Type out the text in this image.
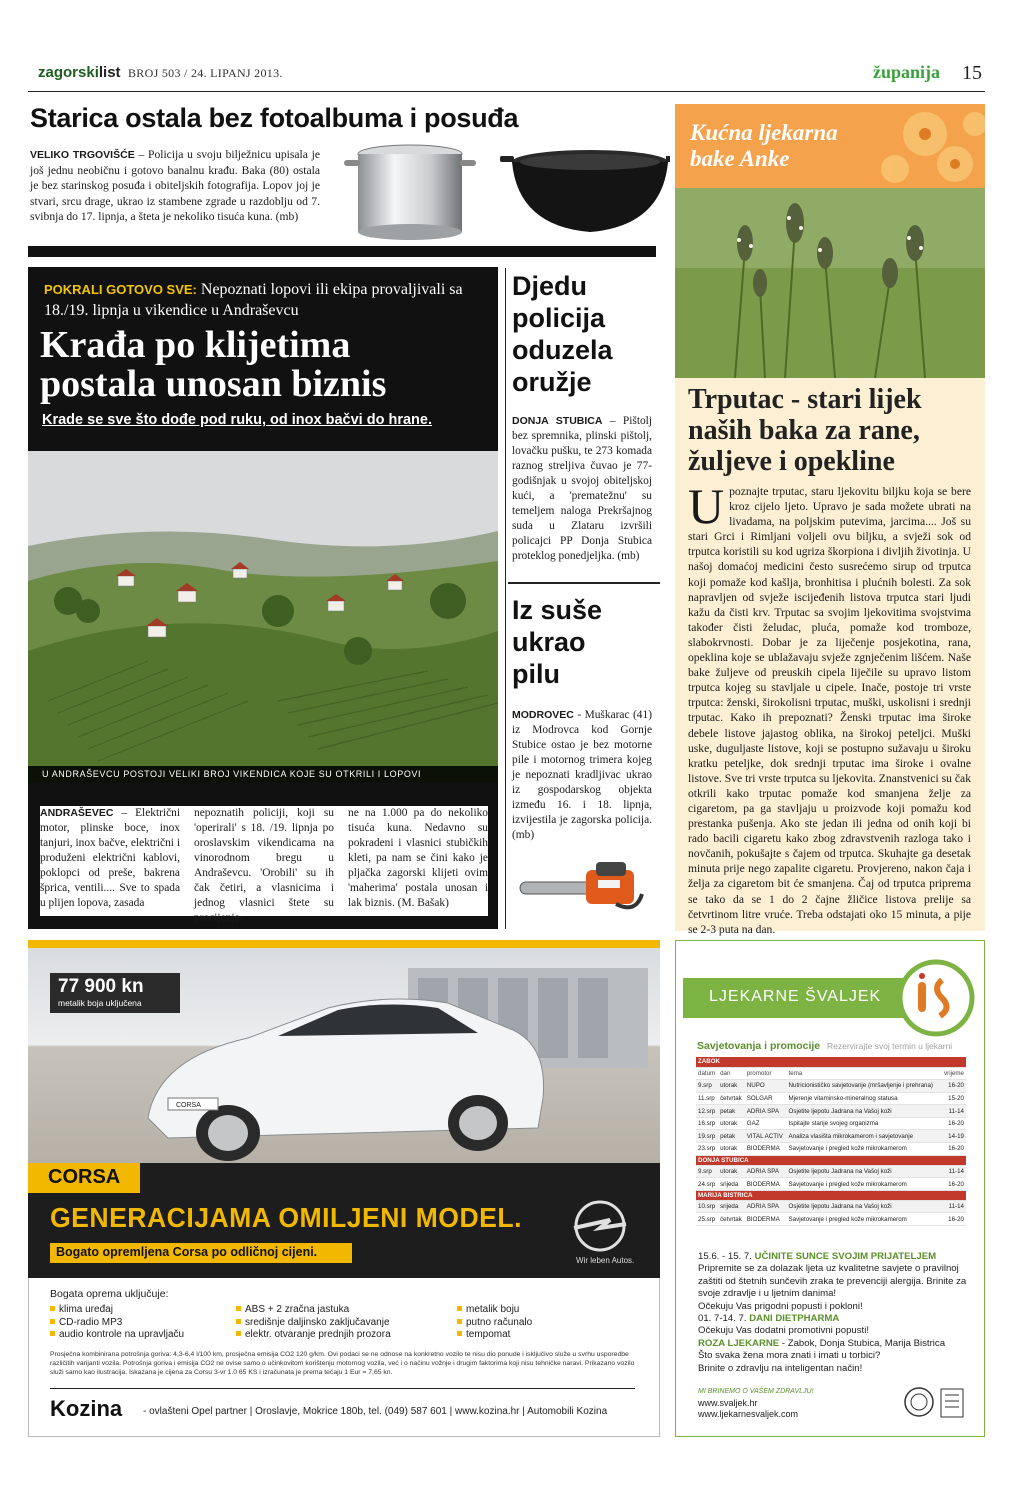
zagorskilist BROJ 503 / 24. LIPANJ 2013.	županija 15
Starica ostala bez fotoalbuma i posuđa
VELIKO TRGOVIŠĆE – Policija u svoju bilježnicu upisala je još jednu neobičnu i gotovo banalnu krađu. Baka (80) ostala je bez starinskog posuđa i obiteljskih fotografija. Lopov joj je stvari, srcu drage, ukrao iz stambene zgrade u razdoblju od 7. svibnja do 17. lipnja, a šteta je nekoliko tisuća kuna. (mb)
POKRALI GOTOVO SVE: Nepoznati lopovi ili ekipa provaljivali sa 18./19. lipnja u vikendice u Andraševcu
Krađa po klijetima
postala unosan biznis
Krade se sve što dođe pod ruku, od inox bačvi do hrane.
U ANDRAŠEVCU POSTOJI VELIKI BROJ VIKENDICA KOJE SU OTKRILI I LOPOVI
ANDRAŠEVEC – Električni motor, plinske boce, inox tanjuri, inox bačve, električni i produženi električni kablovi, poklopci od preše, bakrena šprica, ventili.... Sve to spada u plijen lopova, zasada
nepoznatih policiji, koji su 'operirali' s 18. /19. lipnja po oroslavskim vikendicama na vinorodnom bregu u Andraševcu. 'Orobili' su ih čak četiri, a vlasnicima i jednog vlasnici štete su procijenje-
ne na 1.000 pa do nekoliko tisuća kuna. Nedavno su pokradeni i vlasnici stubičkih kleti, pa nam se čini kako je pljačka zagorski klijeti ovim 'maherima' postala unosan i lak biznis. (M. Bašak)
Djedu
policija
oduzela
oružje
DONJA STUBICA – Pištolj bez spremnika, plinski pištolj, lovačku pušku, te 273 komada raznog streljiva čuvao je 77-godišnjak u svojoj obiteljskoj kući, a 'prematežnu' su temeljem naloga Prekršajnog suda u Zlataru izvršili policajci PP Donja Stubica proteklog ponedjeljka. (mb)
Iz suše
ukrao
pilu
MODROVEC - Muškarac (41) iz Modrovca kod Gornje Stubice ostao je bez motorne pile i motornog trimera kojeg je nepoznati kradljivac ukrao iz gospodarskog objekta između 16. i 18. lipnja, izvijestila je zagorska policija. (mb)
Kućna ljekarna
bake Anke
Trputac - stari lijek naših baka za rane, žuljeve i opekline
Upoznajte trputac, staru ljekovitu biljku koja se bere kroz cijelo ljeto. Upravo je sada možete ubrati na livadama, na poljskim putevima, jarcima.... Još su stari Grci i Rimljani voljeli ovu biljku, a svježi sok od trputca koristili su kod ugriza škorpiona i divljih životinja. U našoj domaćoj medicini često susrećemo sirup od trputca koji pomaže kod kašlja, bronhitisa i plućnih bolesti. Za sok napravljen od svježe iscijeđenih listova trputca stari ljudi kažu da čisti krv. Trputac sa svojim ljekovitima svojstvima također čisti želudac, pluća, pomaže kod tromboze, slabokrvnosti. Dobar je za liječenje posjekotina, rana, opeklina koje se ublažavaju svježe zgnječenim lišćem. Naše bake žuljeve od preuskih cipela liječile su upravo listom trputca kojeg su stavljale u cipele. Inače, postoje tri vrste trputca: ženski, širokolisni trputac, muški, uskolisni i srednji trputac. Kako ih prepoznati? Ženski trputac ima široke debele listove jajastog oblika, na širokoj peteljci. Muški uske, duguljaste listove, koji se postupno sužavaju u široku kratku peteljke, dok srednji trputac ima široke i ovalne listove. Sve tri vrste trputca su ljekovita. Znanstvenici su čak otkrili kako trputac pomaže kod smanjena želje za cigaretom, pa ga stavljaju u proizvode koji pomažu kod prestanka pušenja. Ako ste jedan ili jedna od onih koji bi rado bacili cigaretu kako zbog zdravstvenih razloga tako i novčanih, pokušajte s čajem od trputca. Skuhajte ga desetak minuta prije nego zapalite cigaretu. Provjereno, nakon čaja i želja za cigaretom bit će smanjena. Čaj od trputca priprema se tako da se 1 do 2 čajne žličice listova prelije sa četvrtinom litre vruće. Treba odstajati oko 15 minuta, a pije se 2-3 puta na dan.
CORSA
77 900 kn
metalik boja uključena
CORSA
GENERACIJAMA OMILJENI MODEL.
Bogato opremljena Corsa po odličnoj cijeni.
Wir leben Autos.
Bogata oprema uključuje:
klima uređaj
CD-radio MP3
audio kontrole na upravljaču
ABS + 2 zračna jastuka
središnje daljinsko zaključavanje
elektr. otvaranje prednjih prozora
metalik boju
putno računalo
tempomat
Prosječna kombinirana potrošnja goriva: 4,3-6,4 l/100 km, prosječna emisija CO2 120 g/km. Ovi podaci se ne odnose na konkretno vozilo te nisu dio ponude i isključivo služe u svrhu usporedbe različitih varijanti vozila. Potrošnja goriva i emisija CO2 ne ovise samo o učinkovitom korištenju motornog vozila, već i o načinu vožnje i drugim faktorima koji nisu tehničke naravi. Prikazano vozilo služi samo kao ilustracija. Iskazana je cijena za Corsu 3-vr 1.0 65 KS i izračunata je prema tečaju 1 Eur = 7,65 kn.
Kozina - ovlašteni Opel partner | Oroslavje, Mokrice 180b, tel. (049) 587 601 | www.kozina.hr | Automobili Kozina
LJEKARNE ŠVALJEK
Savjetovanja i promocije Rezervirajte svoj termin u ljekarni
ZABOK				
datum	dan	promotor	tema	vrijeme
9.srp	utorak	NUPO	Nutricionističko savjetovanje (mršavljenje i prehrana)	16-20
11.srp	četvrtak	SOLGAR	Mjerenje vitaminsko-mineralnog statusa	15-20
12.srp	petak	ADRIA SPA	Osjetite ljepotu Jadrana na Vašoj koži	11-14
16.srp	utorak	GAZ	Ispitajte stanje svojeg organizma	16-20
19.srp	petak	VITAL ACTIV	Analiza vlasišta mikrokamerom i savjetovanje	14-19
23.srp	utorak	BIODERMA	Savjetovanje i pregled kože mikrokamerom	16-20
DONJA STUBICA				
9.srp	utorak	ADRIA SPA	Osjetite ljepotu Jadrana na Vašoj koži	11-14
24.srp	srijeda	BIODERMA	Savjetovanje i pregled kože mikrokamerom	16-20
MARIJA BISTRICA				
10.srp	srijeda	ADRIA SPA	Osjetite ljepotu Jadrana na Vašoj koži	11-14
25.srp	četvrtak	BIODERMA	Savjetovanje i pregled kože mikrokamerom	16-20
15.6. - 15. 7. UČINITE SUNCE SVOJIM PRIJATELJEM
Pripremite se za dolazak ljeta uz kvalitetne savjete o pravilnoj zaštiti od štetnih sunčevih zraka te prevenciji alergija. Brinite za svoje zdravlje i u ljetnim danima!
Očekuju Vas prigodni popusti i pokloni!
01. 7-14. 7. DANI DIETPHARMA
Očekuju Vas dodatni promotivni popusti!
ROZA LJEKARNE - Zabok, Donja Stubica, Marija Bistrica
Što svaka žena mora znati i imati u torbici?
Brinite o zdravlju na inteligentan način!
MI BRINEMO O VAŠEM ZDRAVLJU!
www.svaljek.hr
www.ljekarnesvaljek.com
